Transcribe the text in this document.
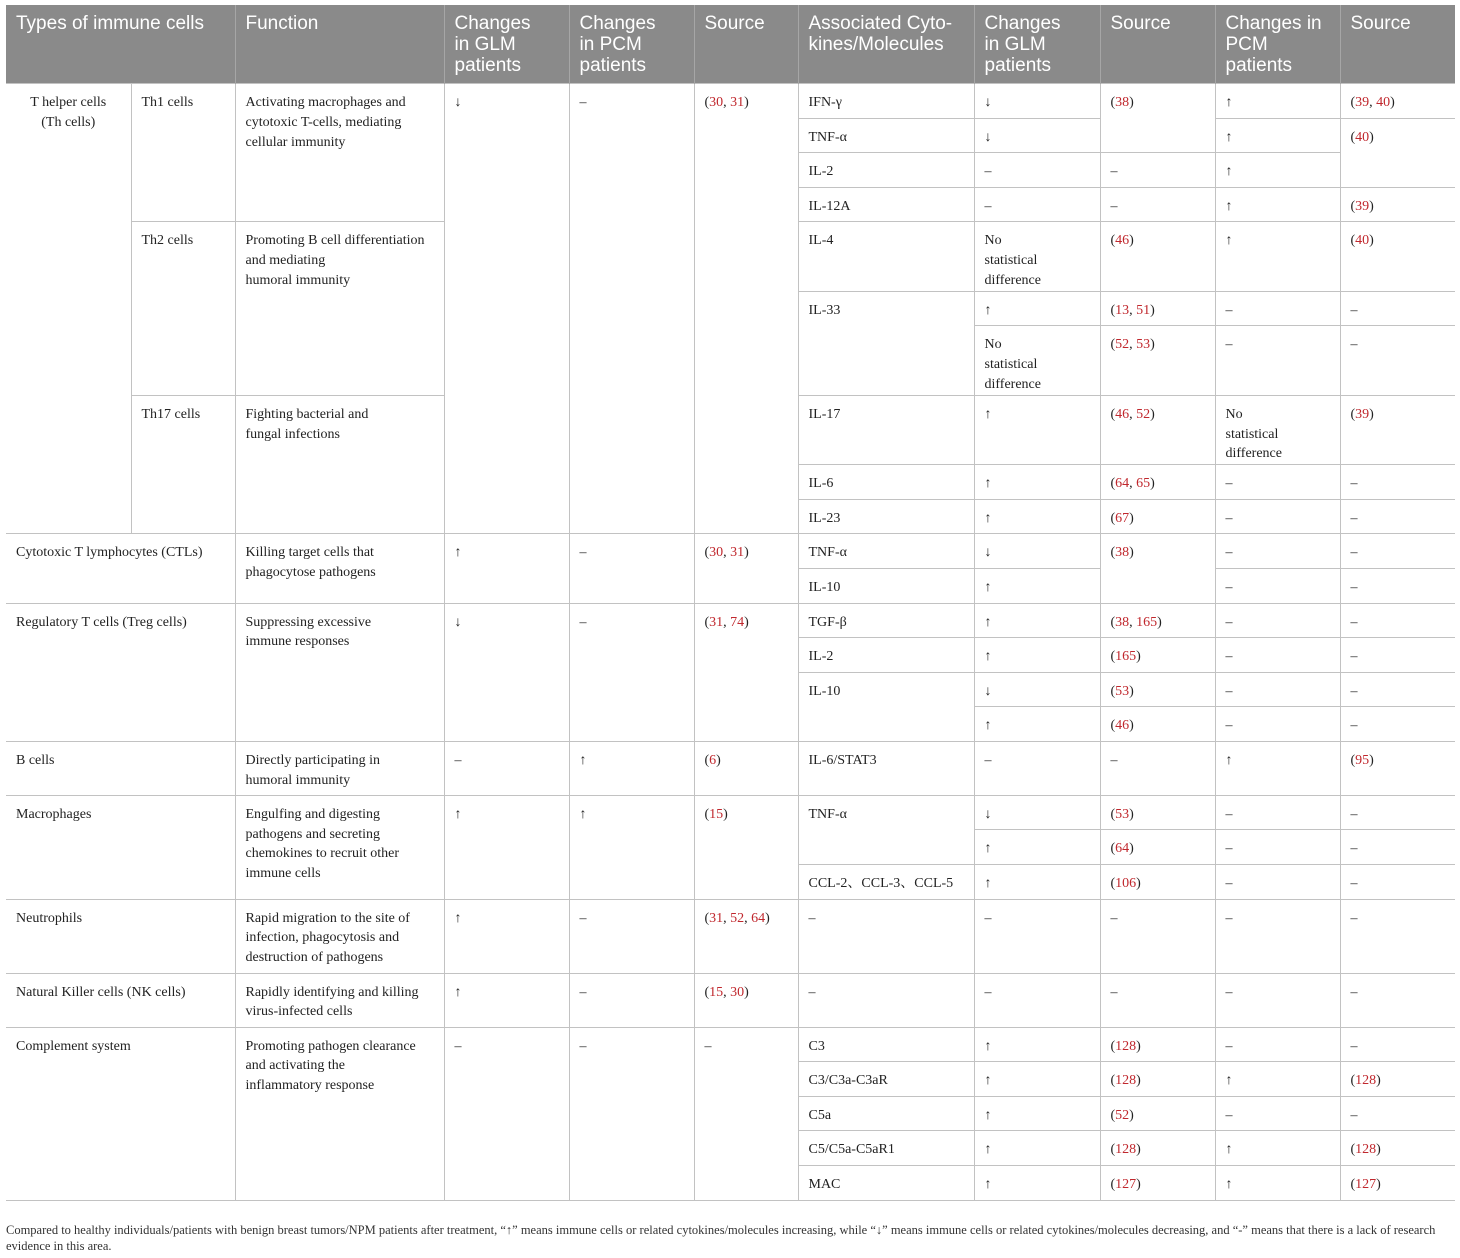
Types of immune cells		Function	Changes
in GLM
patients	Changes
in PCM
patients	Source	Associated Cyto-
kines/Molecules	Changes
in GLM
patients	Source	Changes in
PCM
patients	Source
T helper cells
(Th cells)	Th1 cells	Activating macrophages and cytotoxic T-cells, mediating cellular immunity	↓	–	(30, 31)	IFN-γ	↓	(38)	↑	(39, 40)
						TNF-α	↓		↑	(40)
						IL-2	–	–	↑	
						IL-12A	–	–	↑	(39)
	Th2 cells	Promoting B cell differentiation
and mediating
humoral immunity				IL-4	No
statistical
difference	(46)	↑	(40)

						IL-33	↑	(13, 51)	–	–
							No
statistical
difference	(52, 53)	–	–

	Th17 cells	Fighting bacterial and
fungal infections				IL-17	↑	(46, 52)	No
statistical
difference	(39)

						IL-6	↑	(64, 65)	–	–
						IL-23	↑	(67)	–	–
Cytotoxic T lymphocytes (CTLs)		Killing target cells that
phagocytose pathogens	↑	–	(30, 31)	TNF-α	↓	(38)	–	–
						IL-10	↑		–	–
Regulatory T cells (Treg cells)		Suppressing excessive
immune responses	↓	–	(31, 74)	TGF-β	↑	(38, 165)	–	–
						IL-2	↑	(165)	–	–
						IL-10	↓	(53)	–	–
							↑	(46)	–	–
B cells		Directly participating in
humoral immunity	–	↑	(6)	IL-6/STAT3	–	–	↑	(95)
Macrophages		Engulfing and digesting
pathogens and secreting
chemokines to recruit other
immune cells	↑	↑	(15)	TNF-α	↓	(53)	–	–
							↑	(64)	–	–
						CCL-2、CCL-3、CCL-5	↑	(106)	–	–
Neutrophils		Rapid migration to the site of
infection, phagocytosis and
destruction of pathogens	↑	–	(31, 52, 64)	–	–	–	–	–
Natural Killer cells (NK cells)		Rapidly identifying and killing
virus-infected cells	↑	–	(15, 30)	–	–	–	–	–
Complement system		Promoting pathogen clearance
and activating the
inflammatory response	–	–	–	C3	↑	(128)	–	–
						C3/C3a-C3aR	↑	(128)	↑	(128)
						C5a	↑	(52)	–	–
						C5/C5a-C5aR1	↑	(128)	↑	(128)
						MAC	↑	(127)	↑	(127)
Compared to healthy individuals/patients with benign breast tumors/NPM patients after treatment, “↑” means immune cells or related cytokines/molecules increasing, while “↓” means immune cells or related cytokines/molecules decreasing, and “-” means that there is a lack of research evidence in this area.
